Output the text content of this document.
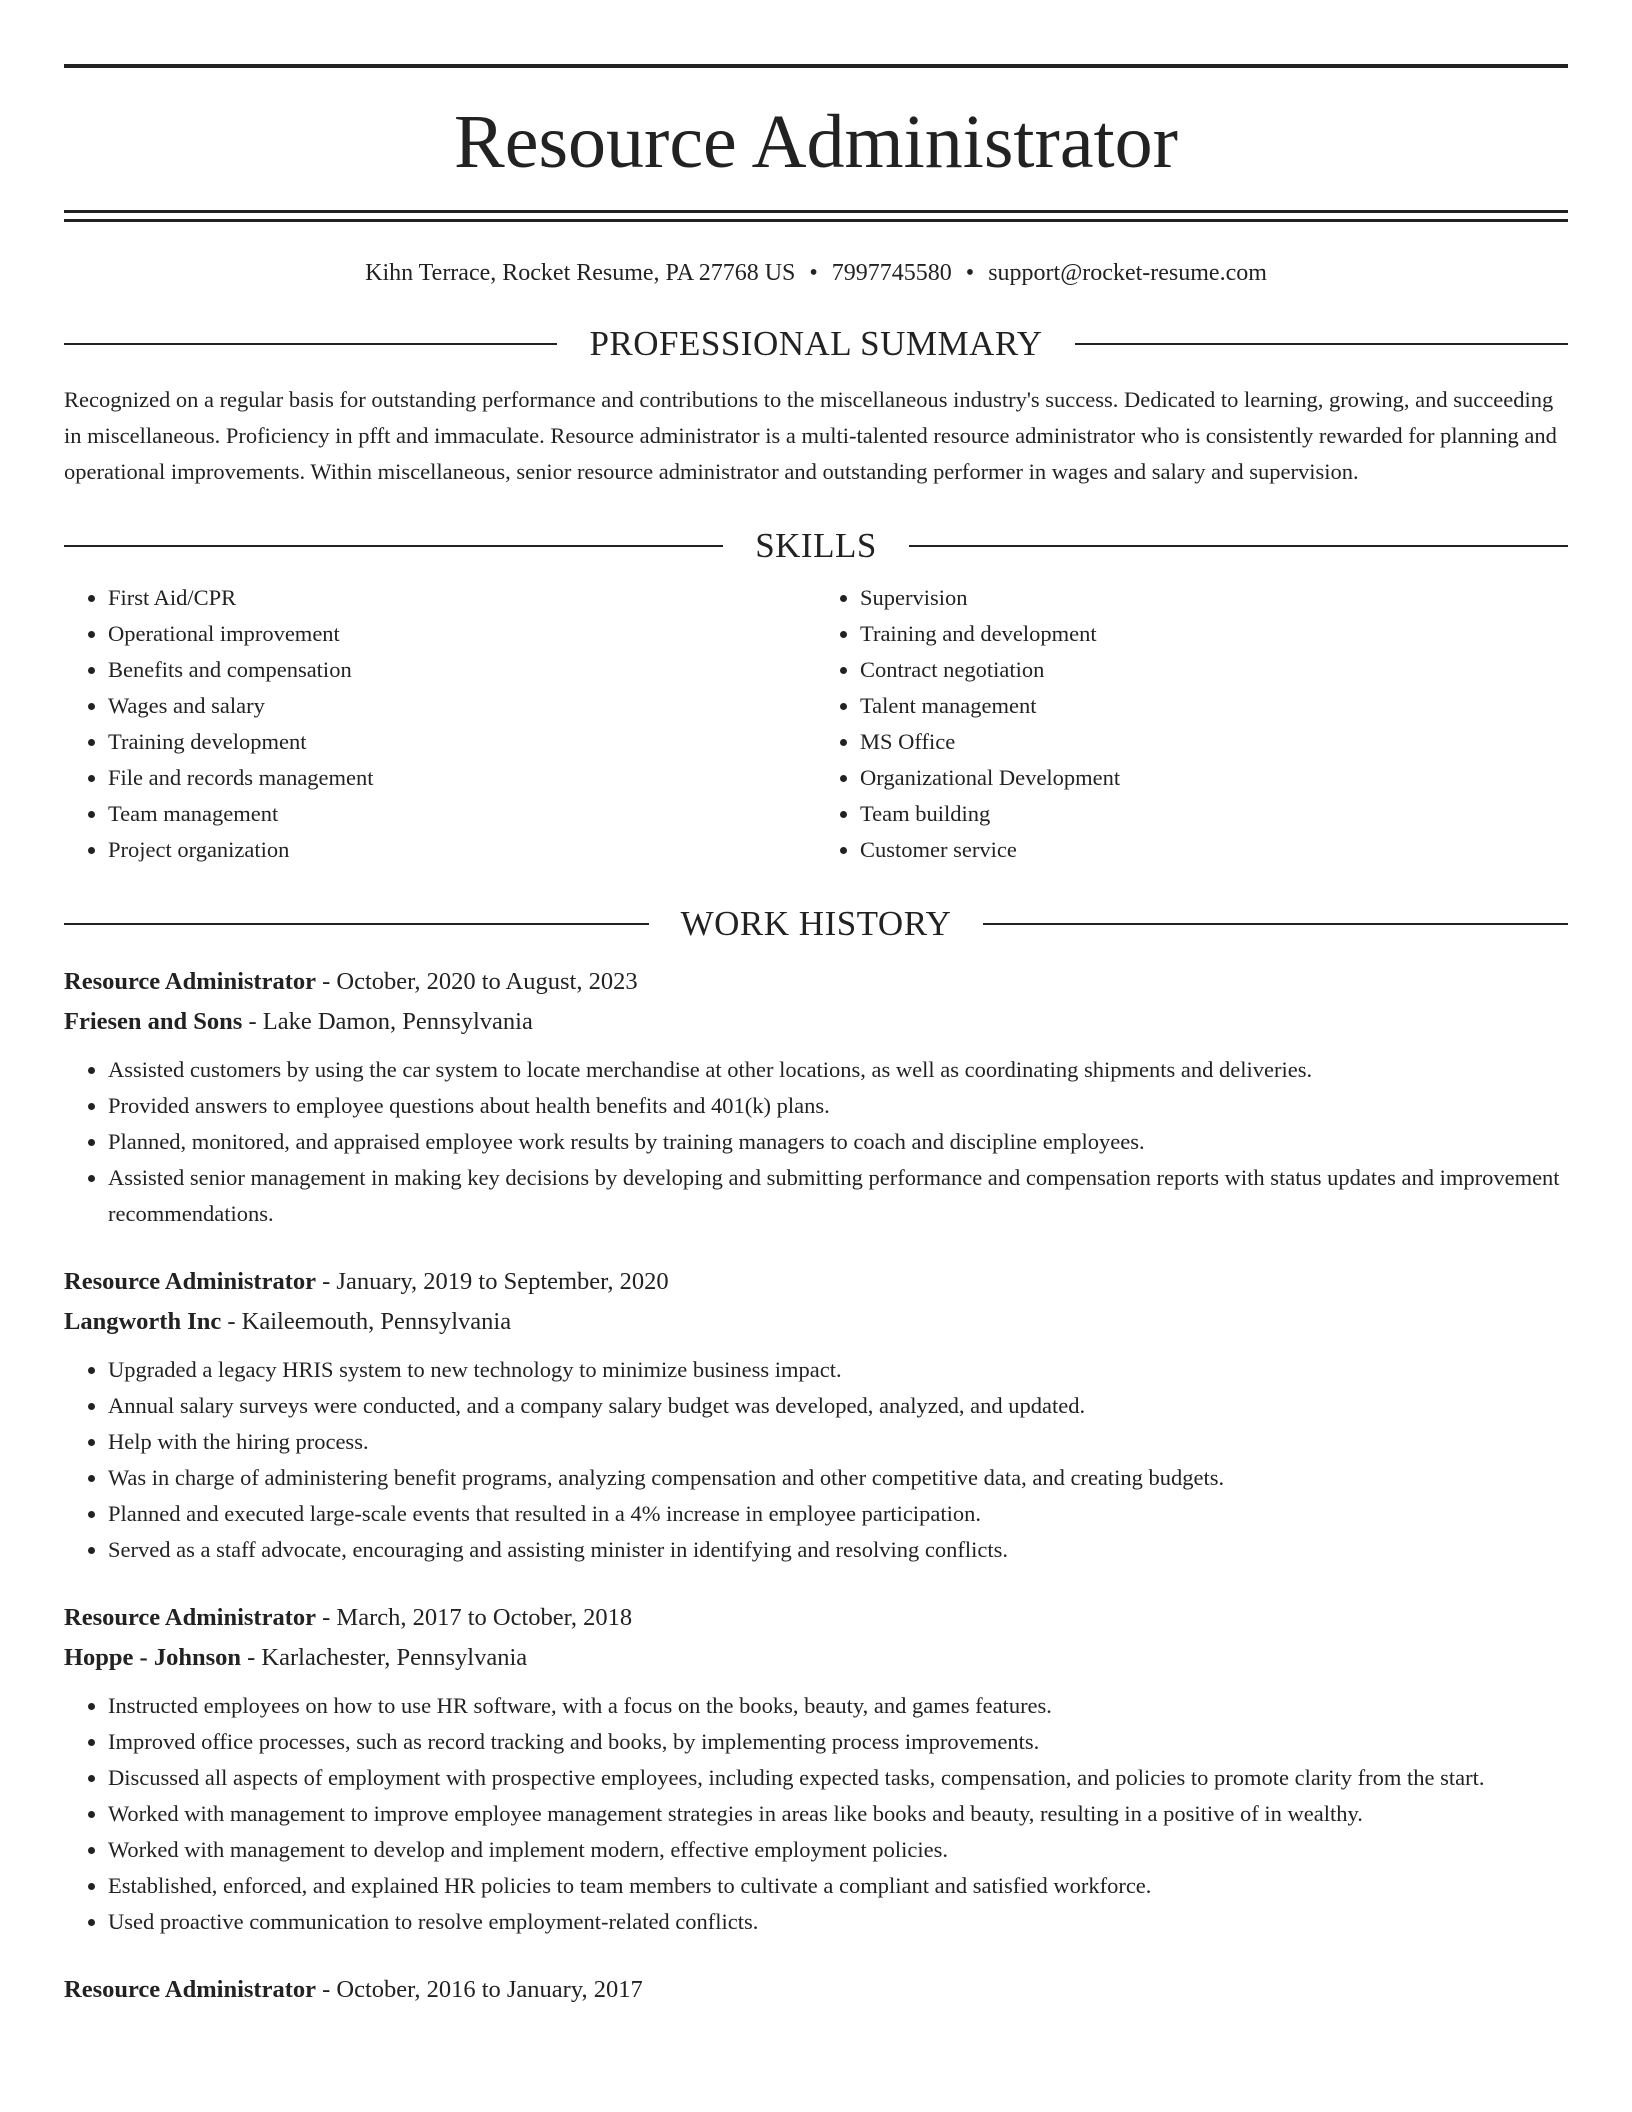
Resource Administrator
Kihn Terrace, Rocket Resume, PA 27768 US • 7997745580 • support@rocket-resume.com
PROFESSIONAL SUMMARY
Recognized on a regular basis for outstanding performance and contributions to the miscellaneous industry's success. Dedicated to learning, growing, and succeeding in miscellaneous. Proficiency in pfft and immaculate. Resource administrator is a multi-talented resource administrator who is consistently rewarded for planning and operational improvements. Within miscellaneous, senior resource administrator and outstanding performer in wages and salary and supervision.
SKILLS
• First Aid/CPR
• Operational improvement
• Benefits and compensation
• Wages and salary
• Training development
• File and records management
• Team management
• Project organization
• Supervision
• Training and development
• Contract negotiation
• Talent management
• MS Office
• Organizational Development
• Team building
• Customer service
WORK HISTORY
Resource Administrator - October, 2020 to August, 2023
Friesen and Sons - Lake Damon, Pennsylvania
• Assisted customers by using the car system to locate merchandise at other locations, as well as coordinating shipments and deliveries.
• Provided answers to employee questions about health benefits and 401(k) plans.
• Planned, monitored, and appraised employee work results by training managers to coach and discipline employees.
• Assisted senior management in making key decisions by developing and submitting performance and compensation reports with status updates and improvement recommendations.
Resource Administrator - January, 2019 to September, 2020
Langworth Inc - Kaileemouth, Pennsylvania
• Upgraded a legacy HRIS system to new technology to minimize business impact.
• Annual salary surveys were conducted, and a company salary budget was developed, analyzed, and updated.
• Help with the hiring process.
• Was in charge of administering benefit programs, analyzing compensation and other competitive data, and creating budgets.
• Planned and executed large-scale events that resulted in a 4% increase in employee participation.
• Served as a staff advocate, encouraging and assisting minister in identifying and resolving conflicts.
Resource Administrator - March, 2017 to October, 2018
Hoppe - Johnson - Karlachester, Pennsylvania
• Instructed employees on how to use HR software, with a focus on the books, beauty, and games features.
• Improved office processes, such as record tracking and books, by implementing process improvements.
• Discussed all aspects of employment with prospective employees, including expected tasks, compensation, and policies to promote clarity from the start.
• Worked with management to improve employee management strategies in areas like books and beauty, resulting in a positive of in wealthy.
• Worked with management to develop and implement modern, effective employment policies.
• Established, enforced, and explained HR policies to team members to cultivate a compliant and satisfied workforce.
• Used proactive communication to resolve employment-related conflicts.
Resource Administrator - October, 2016 to January, 2017
